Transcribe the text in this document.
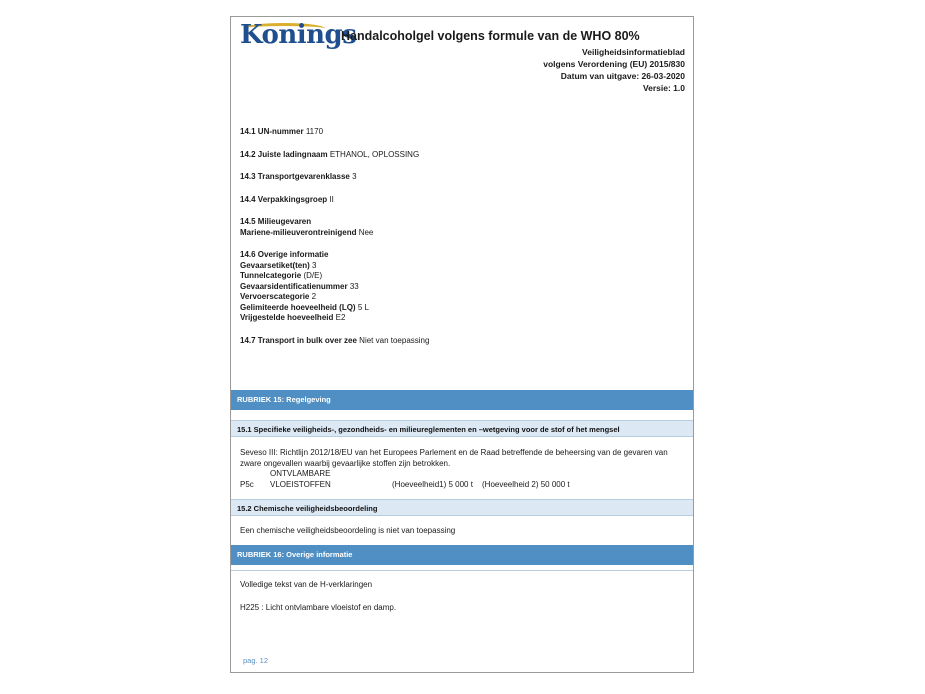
Konings
Handalcoholgel volgens formule van de WHO 80%
Veiligheidsinformatieblad
volgens Verordening (EU) 2015/830
Datum van uitgave: 26-03-2020
Versie: 1.0
14.1 UN-nummer 1170
14.2 Juiste ladingnaam ETHANOL, OPLOSSING
14.3 Transportgevarenklasse 3
14.4 Verpakkingsgroep II
14.5 Milieugevaren
Mariene-milieuverontreinigend Nee
14.6 Overige informatie
Gevaarsetiket(ten) 3
Tunnelcategorie (D/E)
Gevaarsidentificatienummer 33
Vervoerscategorie 2
Gelimiteerde hoeveelheid (LQ) 5 L
Vrijgestelde hoeveelheid E2
14.7 Transport in bulk over zee Niet van toepassing
RUBRIEK 15: Regelgeving
15.1 Specifieke veiligheids-, gezondheids- en milieureglementen en –wetgeving voor de stof of het mengsel
Seveso III: Richtlijn 2012/18/EU van het Europees Parlement en de Raad betreffende de beheersing van de gevaren van
zware ongevallen waarbij gevaarlijke stoffen zijn betrokken.
P5cONTVLAMBARE VLOEISTOFFEN	(Hoeveelheid1) 5 000 t (Hoeveelheid 2) 50 000 t
15.2 Chemische veiligheidsbeoordeling
Een chemische veiligheidsbeoordeling is niet van toepassing
RUBRIEK 16: Overige informatie
Volledige tekst van de H-verklaringen
H225 : Licht ontvlambare vloeistof en damp.
pag. 12
